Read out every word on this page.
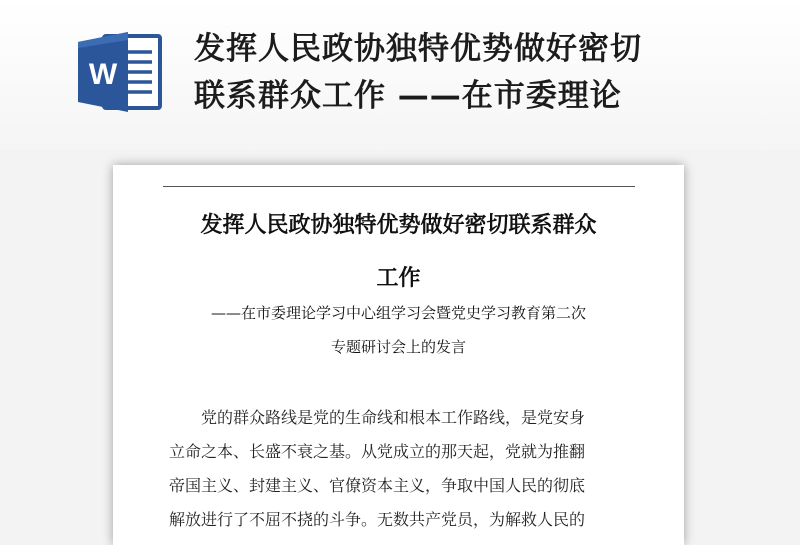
W
发挥人民政协独特优势做好密切
联系群众工作 ——在市委理论
发挥人民政协独特优势做好密切联系群众
工作
——在市委理论学习中心组学习会暨党史学习教育第二次
专题研讨会上的发言
党的群众路线是党的生命线和根本工作路线，是党安身
立命之本、长盛不衰之基。从党成立的那天起，党就为推翻
帝国主义、封建主义、官僚资本主义，争取中国人民的彻底
解放进行了不屈不挠的斗争。无数共产党员，为解救人民的
